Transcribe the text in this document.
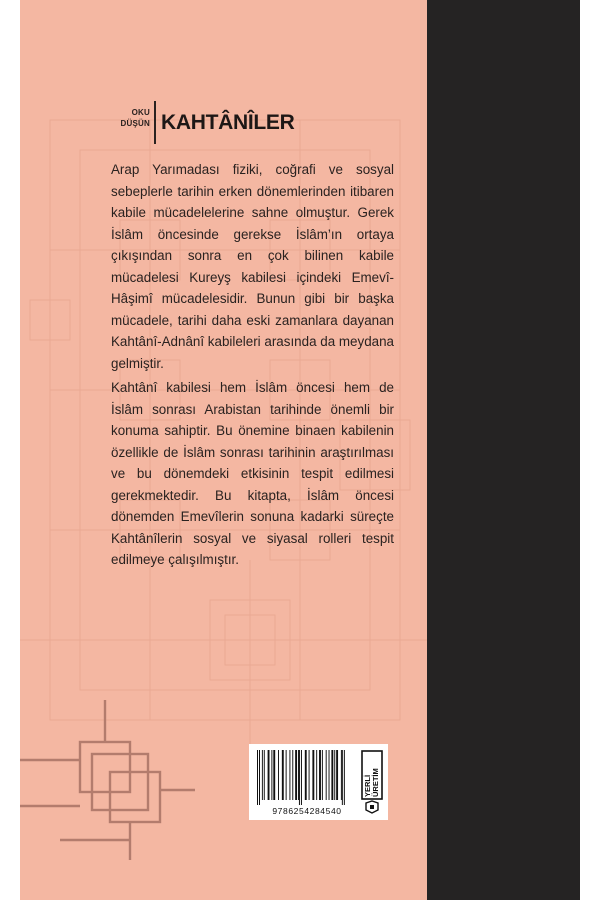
OKU
DÜŞÜN KAHTÂNÎLER

Arap Yarımadası fiziki, coğrafi ve sosyal sebeplerle tarihin erken dönemlerinden itibaren kabile mücadelelerine sahne olmuştur. Gerek İslâm öncesinde gerekse İslâm’ın ortaya çıkışından sonra en çok bilinen kabile mücadelesi Kureyş kabilesi içindeki Emevî-Hâşimî mücadelesidir. Bunun gibi bir başka mücadele, tarihi daha eski zamanlara dayanan Kahtânî-Adnânî kabileleri arasında da meydana gelmiştir.

Kahtânî kabilesi hem İslâm öncesi hem de İslâm sonrası Arabistan tarihinde önemli bir konuma sahiptir. Bu önemine binaen kabilenin özellikle de İslâm sonrası tarihinin araştırılması ve bu dönemdeki etkisinin tespit edilmesi gerekmektedir. Bu kitapta, İslâm öncesi dönemden Emevîlerin sonuna kadarki süreçte Kahtânîlerin sosyal ve siyasal rolleri tespit edilmeye çalışılmıştır.

9786254284540
YERLİ ÜRETİM
